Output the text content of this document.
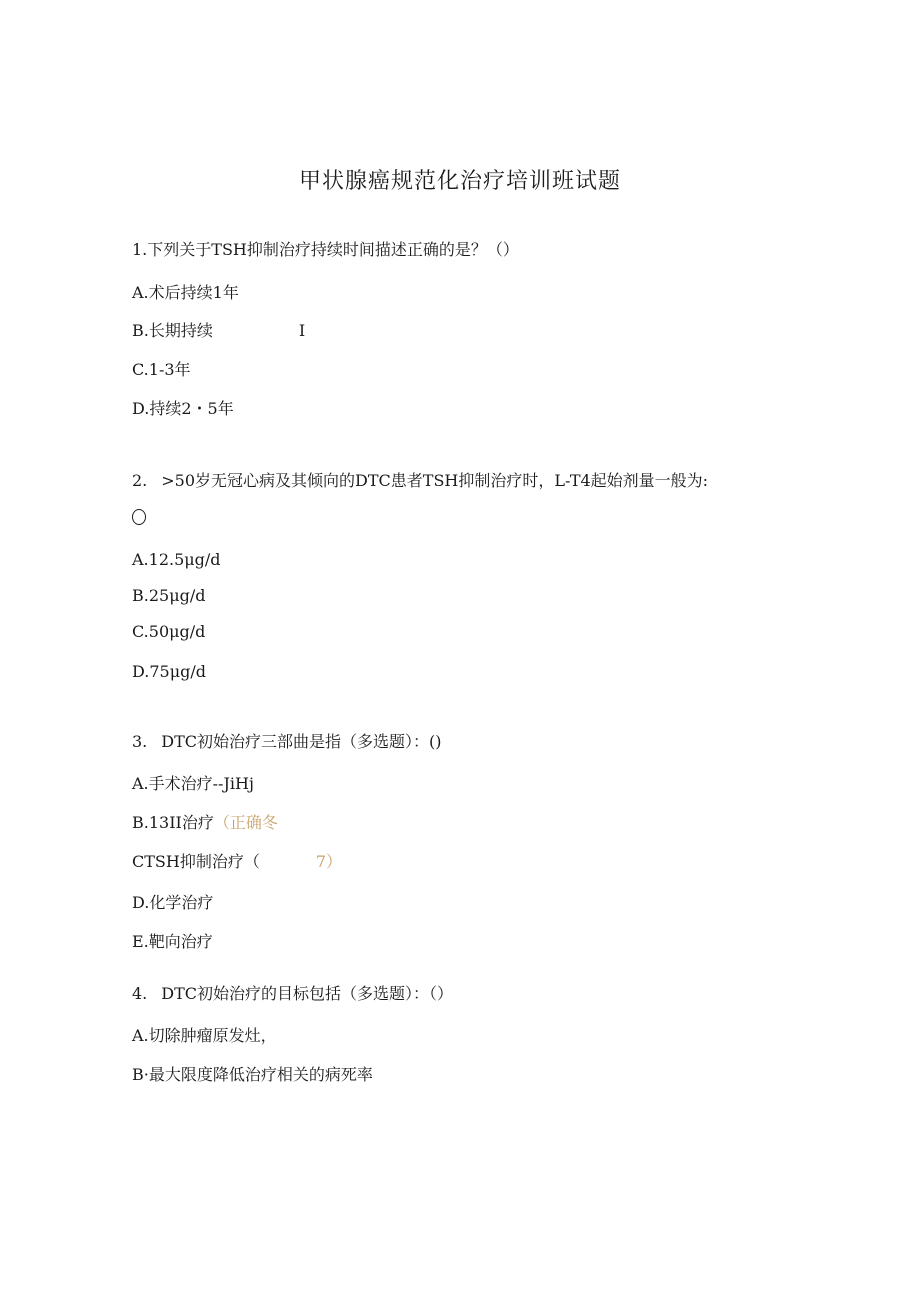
甲状腺癌规范化治疗培训班试题
1.下列关于TSH抑制治疗持续时间描述正确的是？（）
A.术后持续1年
B.长期持续	I
C.1-3年
D.持续2・5年
2. >50岁无冠心病及其倾向的DTC患者TSH抑制治疗时，L-T4起始剂量一般为:
A.12.5μg∕d
B.25μg∕d
C.50μg∕d
D.75μg∕d
3. DTC初始治疗三部曲是指（多选题）：()
A.手术治疗--JiHj
B.13II治疗（正确冬
CTSH抑制治疗（	7）
D.化学治疗
E.靶向治疗
4. DTC初始治疗的目标包括（多选题）：（）
A.切除肿瘤原发灶，
B·最大限度降低治疗相关的病死率
